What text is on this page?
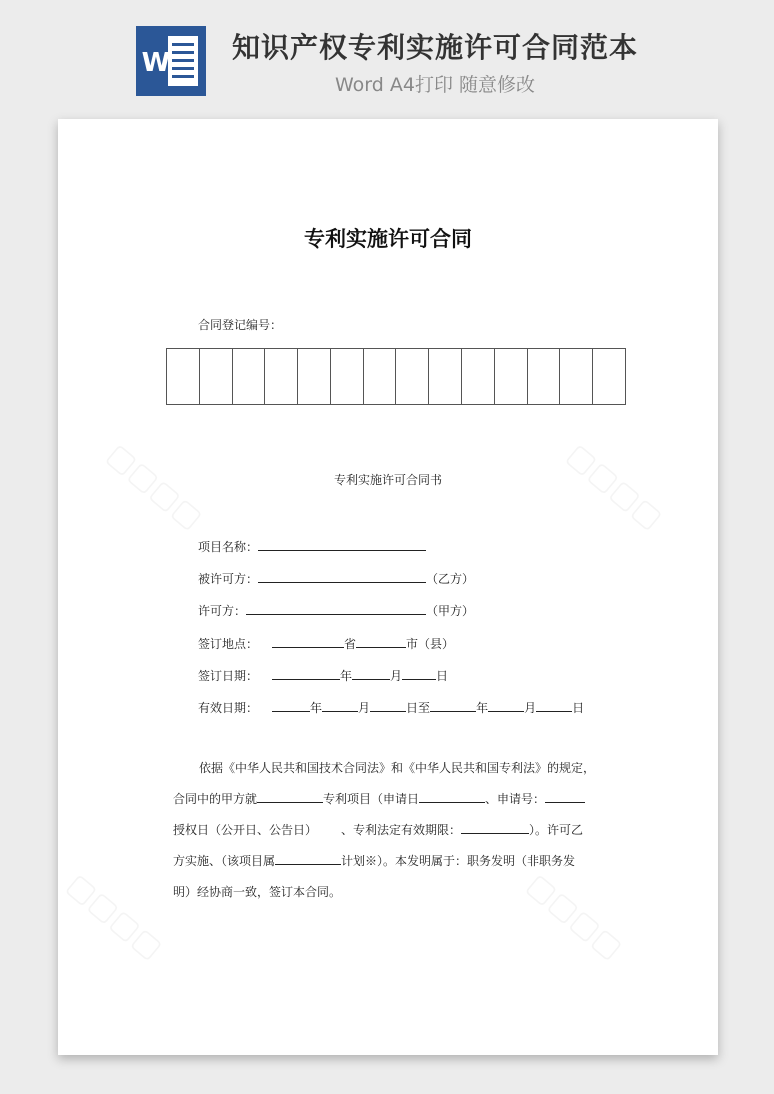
W 知识产权专利实施许可合同范本
Word A4打印 随意修改
专利实施许可合同
合同登记编号：
专利实施许可合同书
项目名称：
被许可方：	（乙方）
许可方：	（甲方）
签订地点：	省	市（县）
签订日期：	年	月	日
有效日期：	年	月	日至	年	月	日
依据《中华人民共和国技术合同法》和《中华人民共和国专利法》的规定，
合同中的甲方就	专利项目（申请日	、申请号：
授权日（公开日、公告日） 、专利法定有效期限：	）。许可乙
方实施、（该项目属	计划※）。本发明属于：职务发明（非职务发
明）经协商一致，签订本合同。
